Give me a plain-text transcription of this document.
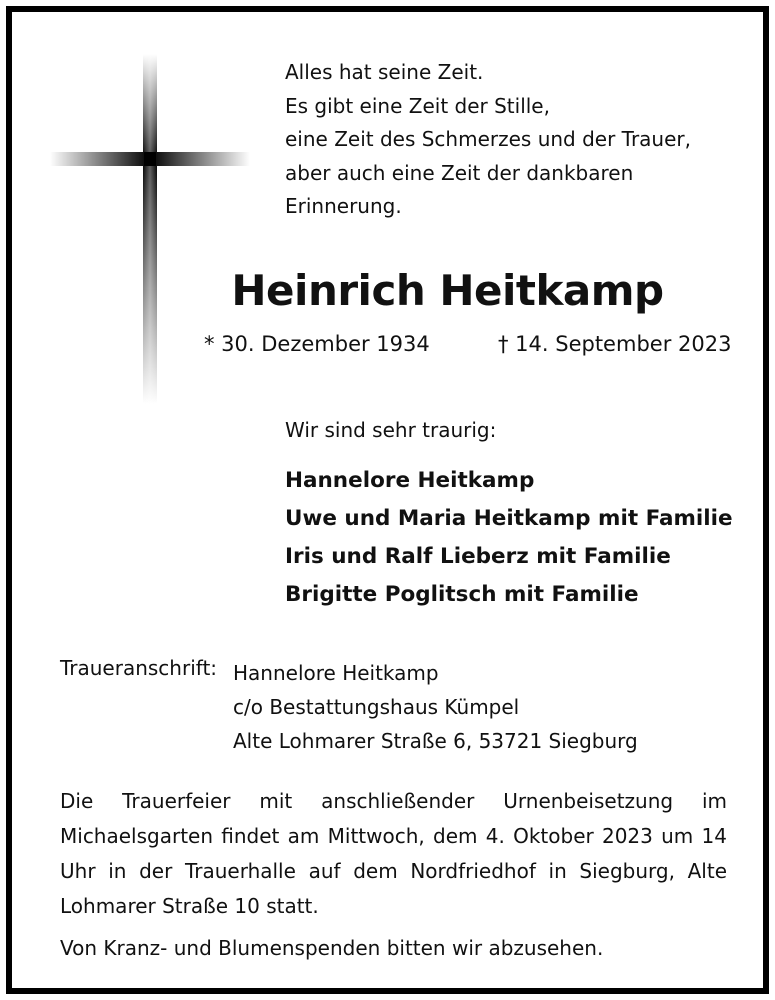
Alles hat seine Zeit.
Es gibt eine Zeit der Stille,
eine Zeit des Schmerzes und der Trauer,
aber auch eine Zeit der dankbaren
Erinnerung.
Heinrich Heitkamp
* 30. Dezember 1934	† 14. September 2023
Wir sind sehr traurig:
Hannelore Heitkamp
Uwe und Maria Heitkamp mit Familie
Iris und Ralf Lieberz mit Familie
Brigitte Poglitsch mit Familie
Traueranschrift: Hannelore Heitkamp
c/o Bestattungshaus Kümpel
Alte Lohmarer Straße 6, 53721 Siegburg
Die Trauerfeier mit anschließender Urnenbeisetzung im
Michaelsgarten findet am Mittwoch, dem 4. Oktober 2023 um 14
Uhr in der Trauerhalle auf dem Nordfriedhof in Siegburg, Alte
Lohmarer Straße 10 statt.
Von Kranz- und Blumenspenden bitten wir abzusehen.
